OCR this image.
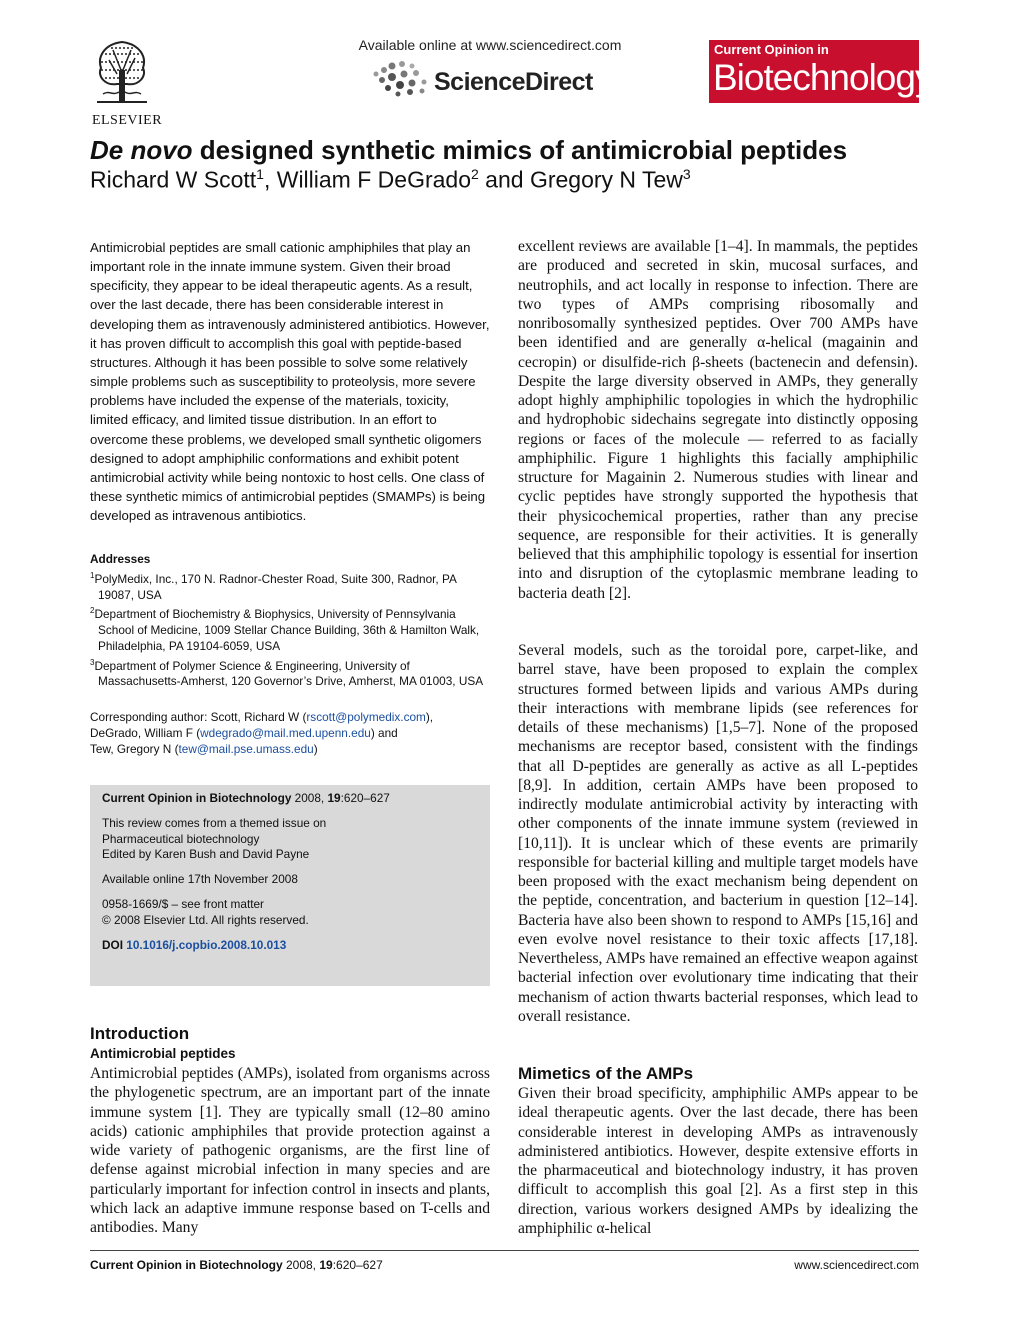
ELSEVIER
Available online at www.sciencedirect.com
ScienceDirect
Current Opinion in
Biotechnology
De novo designed synthetic mimics of antimicrobial peptides
Richard W Scott$^1$, William F DeGrado$^2$ and Gregory N Tew$^3$
Antimicrobial peptides are small cationic amphiphiles that play an important role in the innate immune system. Given their broad specificity, they appear to be ideal therapeutic agents. As a result, over the last decade, there has been considerable interest in developing them as intravenously administered antibiotics. However, it has proven difficult to accomplish this goal with peptide-based structures. Although it has been possible to solve some relatively simple problems such as susceptibility to proteolysis, more severe problems have included the expense of the materials, toxicity, limited efficacy, and limited tissue distribution. In an effort to overcome these problems, we developed small synthetic oligomers designed to adopt amphiphilic conformations and exhibit potent antimicrobial activity while being nontoxic to host cells. One class of these synthetic mimics of antimicrobial peptides (SMAMPs) is being developed as intravenous antibiotics.
Addresses
$^1$PolyMedix, Inc., 170 N. Radnor-Chester Road, Suite 300, Radnor, PA 19087, USA
$^2$Department of Biochemistry & Biophysics, University of Pennsylvania School of Medicine, 1009 Stellar Chance Building, 36th & Hamilton Walk, Philadelphia, PA 19104-6059, USA
$^3$Department of Polymer Science & Engineering, University of Massachusetts-Amherst, 120 Governor’s Drive, Amherst, MA 01003, USA
Corresponding author: Scott, Richard W (rscott@polymedix.com),
DeGrado, William F (wdegrado@mail.med.upenn.edu) and
Tew, Gregory N (tew@mail.pse.umass.edu)
Current Opinion in Biotechnology 2008, 19:620–627
This review comes from a themed issue on
Pharmaceutical biotechnology
Edited by Karen Bush and David Payne
Available online 17th November 2008
0958-1669/$ – see front matter
© 2008 Elsevier Ltd. All rights reserved.
DOI 10.1016/j.copbio.2008.10.013
Introduction
Antimicrobial peptides
Antimicrobial peptides (AMPs), isolated from organisms across the phylogenetic spectrum, are an important part of the innate immune system [1]. They are typically small (12–80 amino acids) cationic amphiphiles that provide protection against a wide variety of pathogenic organisms, are the first line of defense against microbial infection in many species and are particularly important for infection control in insects and plants, which lack an adaptive immune response based on T-cells and antibodies. Many
excellent reviews are available [1–4]. In mammals, the peptides are produced and secreted in skin, mucosal surfaces, and neutrophils, and act locally in response to infection. There are two types of AMPs comprising ribosomally and nonribosomally synthesized peptides. Over 700 AMPs have been identified and are generally α-helical (magainin and cecropin) or disulfide-rich β-sheets (bactenecin and defensin). Despite the large diversity observed in AMPs, they generally adopt highly amphiphilic topologies in which the hydrophilic and hydrophobic sidechains segregate into distinctly opposing regions or faces of the molecule — referred to as facially amphiphilic. Figure 1 highlights this facially amphiphilic structure for Magainin 2. Numerous studies with linear and cyclic peptides have strongly supported the hypothesis that their physicochemical properties, rather than any precise sequence, are responsible for their activities. It is generally believed that this amphiphilic topology is essential for insertion into and disruption of the cytoplasmic membrane leading to bacteria death [2].
Several models, such as the toroidal pore, carpet-like, and barrel stave, have been proposed to explain the complex structures formed between lipids and various AMPs during their interactions with membrane lipids (see references for details of these mechanisms) [1,5–7]. None of the proposed mechanisms are receptor based, consistent with the findings that all D-peptides are generally as active as all L-peptides [8,9]. In addition, certain AMPs have been proposed to indirectly modulate antimicrobial activity by interacting with other components of the innate immune system (reviewed in [10,11]). It is unclear which of these events are primarily responsible for bacterial killing and multiple target models have been proposed with the exact mechanism being dependent on the peptide, concentration, and bacterium in question [12–14]. Bacteria have also been shown to respond to AMPs [15,16] and even evolve novel resistance to their toxic affects [17,18]. Nevertheless, AMPs have remained an effective weapon against bacterial infection over evolutionary time indicating that their mechanism of action thwarts bacterial responses, which lead to overall resistance.
Mimetics of the AMPs
Given their broad specificity, amphiphilic AMPs appear to be ideal therapeutic agents. Over the last decade, there has been considerable interest in developing AMPs as intravenously administered antibiotics. However, despite extensive efforts in the pharmaceutical and biotechnology industry, it has proven difficult to accomplish this goal [2]. As a first step in this direction, various workers designed AMPs by idealizing the amphiphilic α-helical
Current Opinion in Biotechnology 2008, 19:620–627	www.sciencedirect.com
